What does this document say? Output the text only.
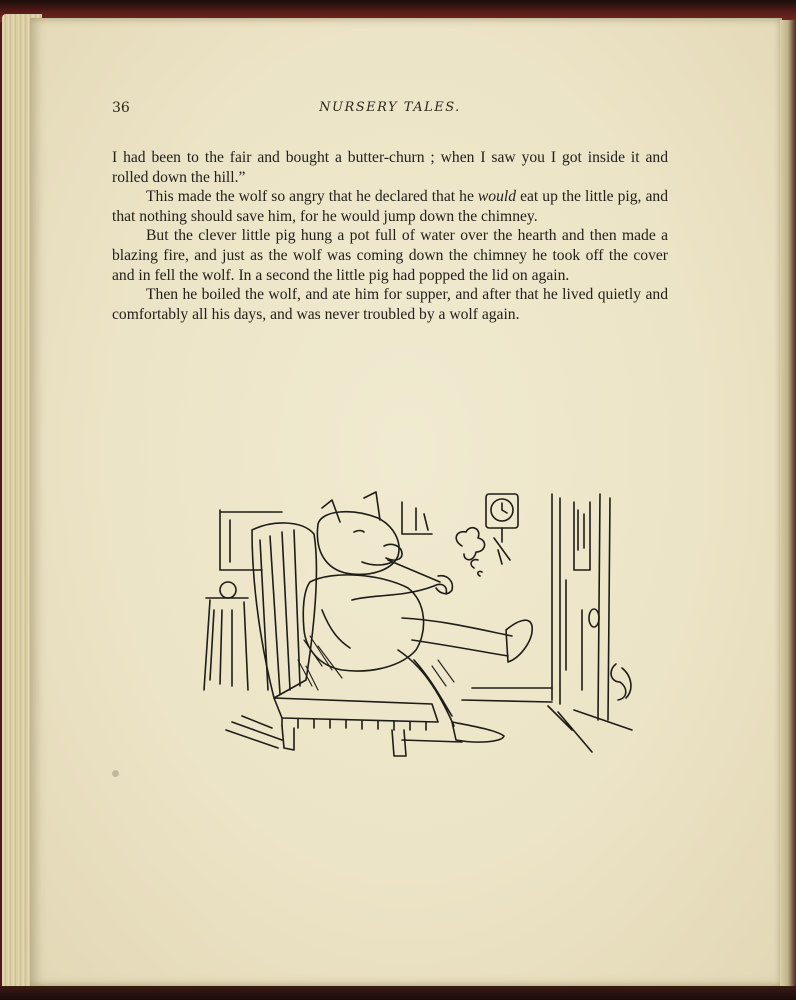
36	NURSERY TALES.

I had been to the fair and bought a butter-churn ; when I saw you I got inside it and rolled down the hill.”

This made the wolf so angry that he declared that he would eat up the little pig, and that nothing should save him, for he would jump down the chimney.

But the clever little pig hung a pot full of water over the hearth and then made a blazing fire, and just as the wolf was coming down the chimney he took off the cover and in fell the wolf. In a second the little pig had popped the lid on again.

Then he boiled the wolf, and ate him for supper, and after that he lived quietly and comfortably all his days, and was never troubled by a wolf again.
